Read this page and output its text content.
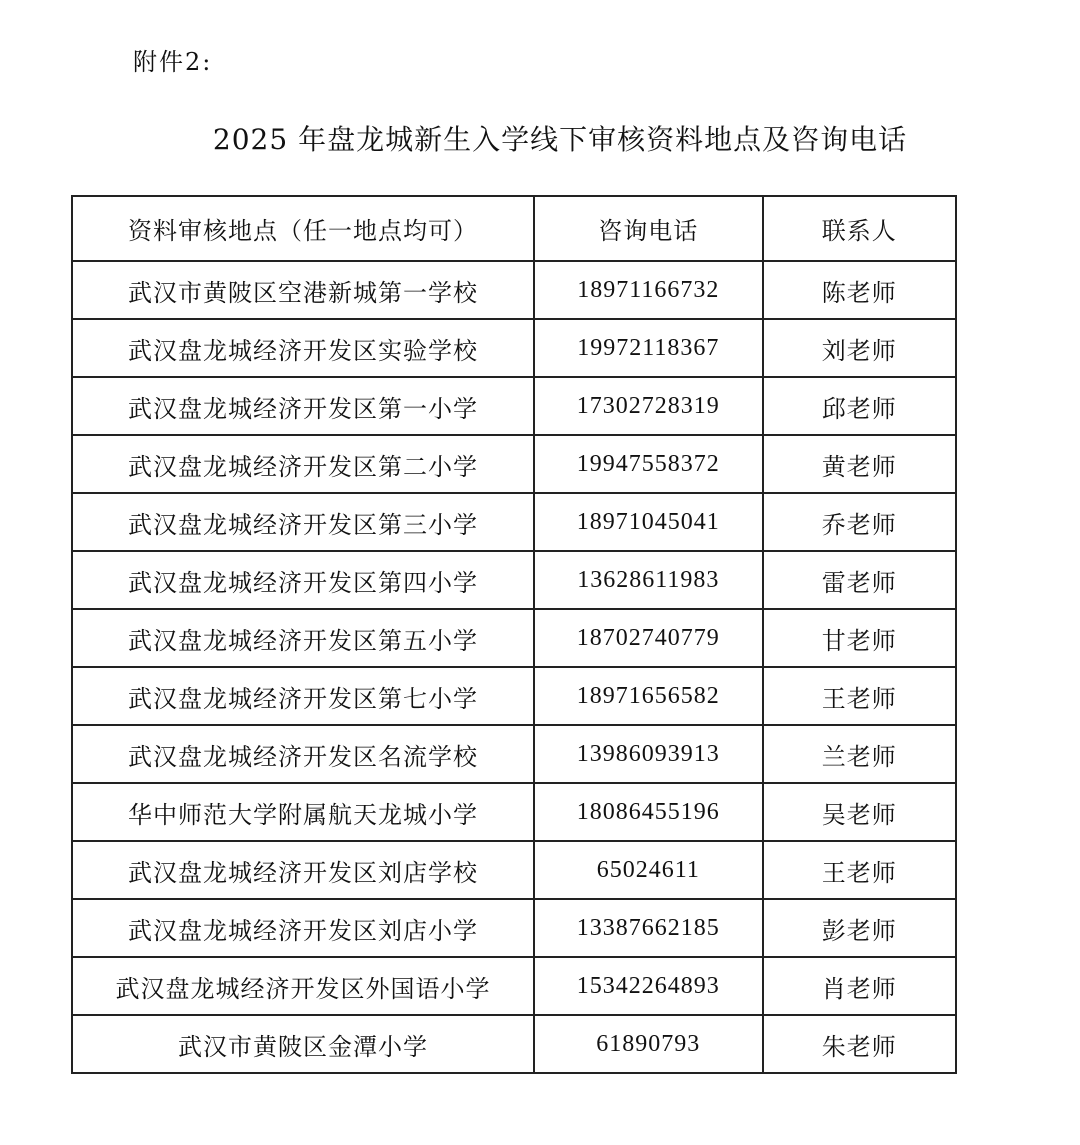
附件2:
2025 年盘龙城新生入学线下审核资料地点及咨询电话
资料审核地点（任一地点均可）	咨询电话	联系人
武汉市黄陂区空港新城第一学校	18971166732	陈老师
武汉盘龙城经济开发区实验学校	19972118367	刘老师
武汉盘龙城经济开发区第一小学	17302728319	邱老师
武汉盘龙城经济开发区第二小学	19947558372	黄老师
武汉盘龙城经济开发区第三小学	18971045041	乔老师
武汉盘龙城经济开发区第四小学	13628611983	雷老师
武汉盘龙城经济开发区第五小学	18702740779	甘老师
武汉盘龙城经济开发区第七小学	18971656582	王老师
武汉盘龙城经济开发区名流学校	13986093913	兰老师
华中师范大学附属航天龙城小学	18086455196	吴老师
武汉盘龙城经济开发区刘店学校	65024611	王老师
武汉盘龙城经济开发区刘店小学	13387662185	彭老师
武汉盘龙城经济开发区外国语小学	15342264893	肖老师
武汉市黄陂区金潭小学	61890793	朱老师
